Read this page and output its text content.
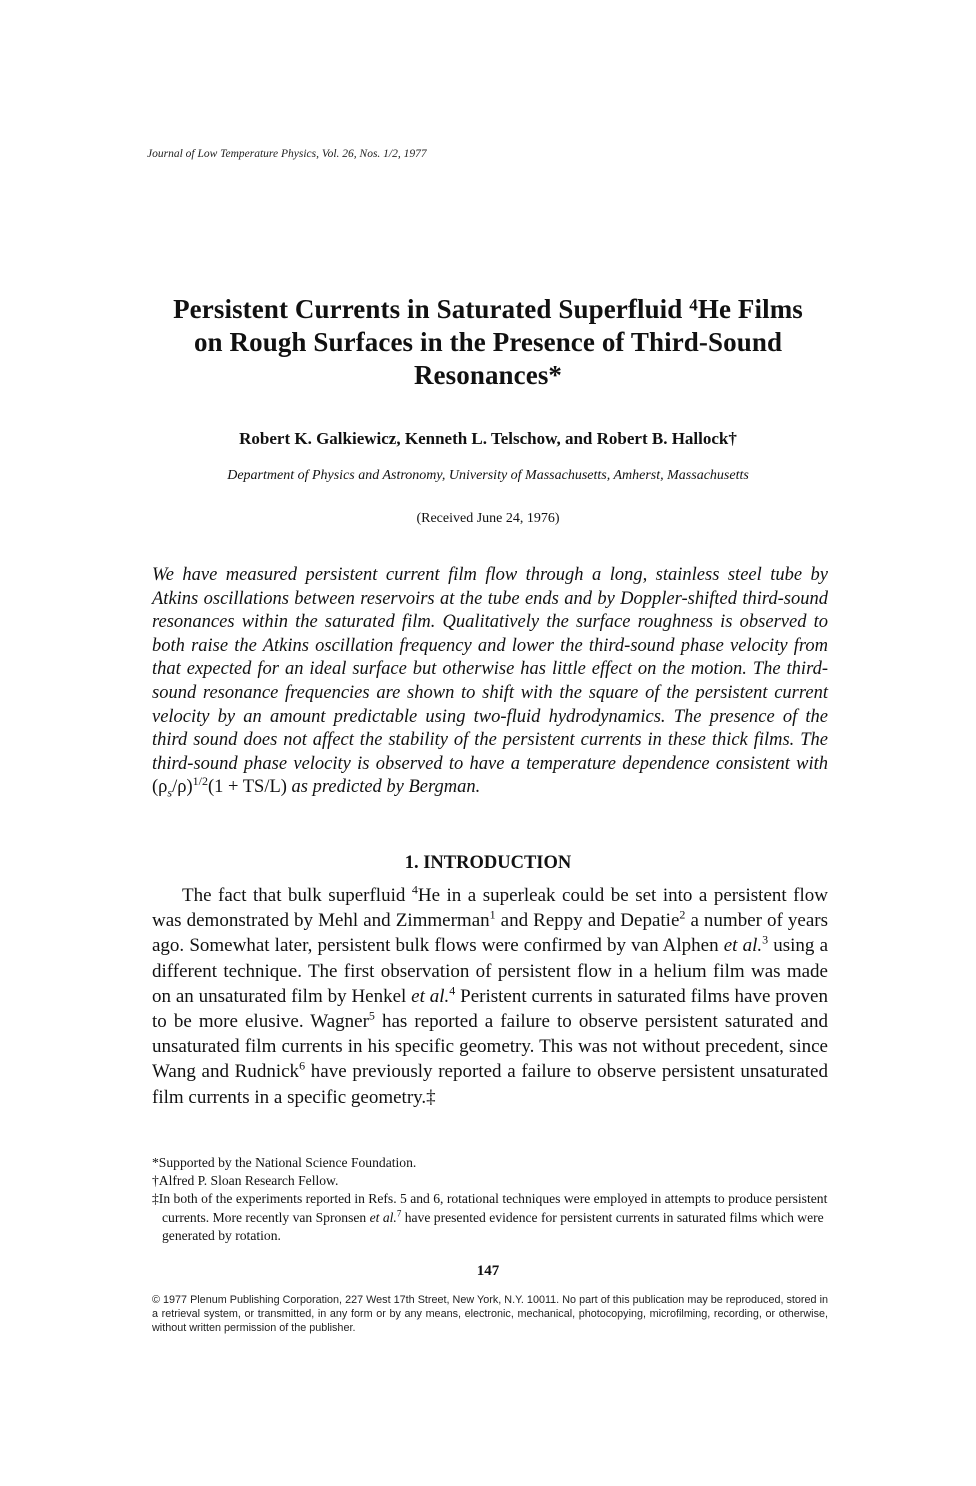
Journal of Low Temperature Physics, Vol. 26, Nos. 1/2, 1977
Persistent Currents in Saturated Superfluid $^4$He Films
on Rough Surfaces in the Presence of Third-Sound
Resonances*
Robert K. Galkiewicz, Kenneth L. Telschow, and Robert B. Hallock†
Department of Physics and Astronomy, University of Massachusetts, Amherst, Massachusetts
(Received June 24, 1976)
We have measured persistent current film flow through a long, stainless steel tube by Atkins oscillations between reservoirs at the tube ends and by Doppler-shifted third-sound resonances within the saturated film. Qualitatively the surface roughness is observed to both raise the Atkins oscillation frequency and lower the third-sound phase velocity from that expected for an ideal surface but otherwise has little effect on the motion. The third-sound resonance frequencies are shown to shift with the square of the persistent current velocity by an amount predictable using two-fluid hydrodynamics. The presence of the third sound does not affect the stability of the persistent currents in these thick films. The third-sound phase velocity is observed to have a temperature dependence consistent with $(\rho_s/\rho)^{1/2}(1 + TS/L)$ as predicted by Bergman.
1. INTRODUCTION

The fact that bulk superfluid $^4$He in a superleak could be set into a persistent flow was demonstrated by Mehl and Zimmerman$^1$ and Reppy and Depatie$^2$ a number of years ago. Somewhat later, persistent bulk flows were confirmed by van Alphen et al.$^3$ using a different technique. The first observation of persistent flow in a helium film was made on an unsaturated film by Henkel et al.$^4$ Peristent currents in saturated films have proven to be more elusive. Wagner$^5$ has reported a failure to observe persistent saturated and unsaturated film currents in his specific geometry. This was not without precedent, since Wang and Rudnick$^6$ have previously reported a failure to observe persistent unsaturated film currents in a specific geometry.‡

*Supported by the National Science Foundation.
†Alfred P. Sloan Research Fellow.
‡In both of the experiments reported in Refs. 5 and 6, rotational techniques were employed in attempts to produce persistent currents. More recently van Spronsen et al.$^7$ have presented evidence for persistent currents in saturated films which were generated by rotation.
147
© 1977 Plenum Publishing Corporation, 227 West 17th Street, New York, N.Y. 10011. No part of this publication may be reproduced, stored in a retrieval system, or transmitted, in any form or by any means, electronic, mechanical, photocopying, microfilming, recording, or otherwise, without written permission of the publisher.
